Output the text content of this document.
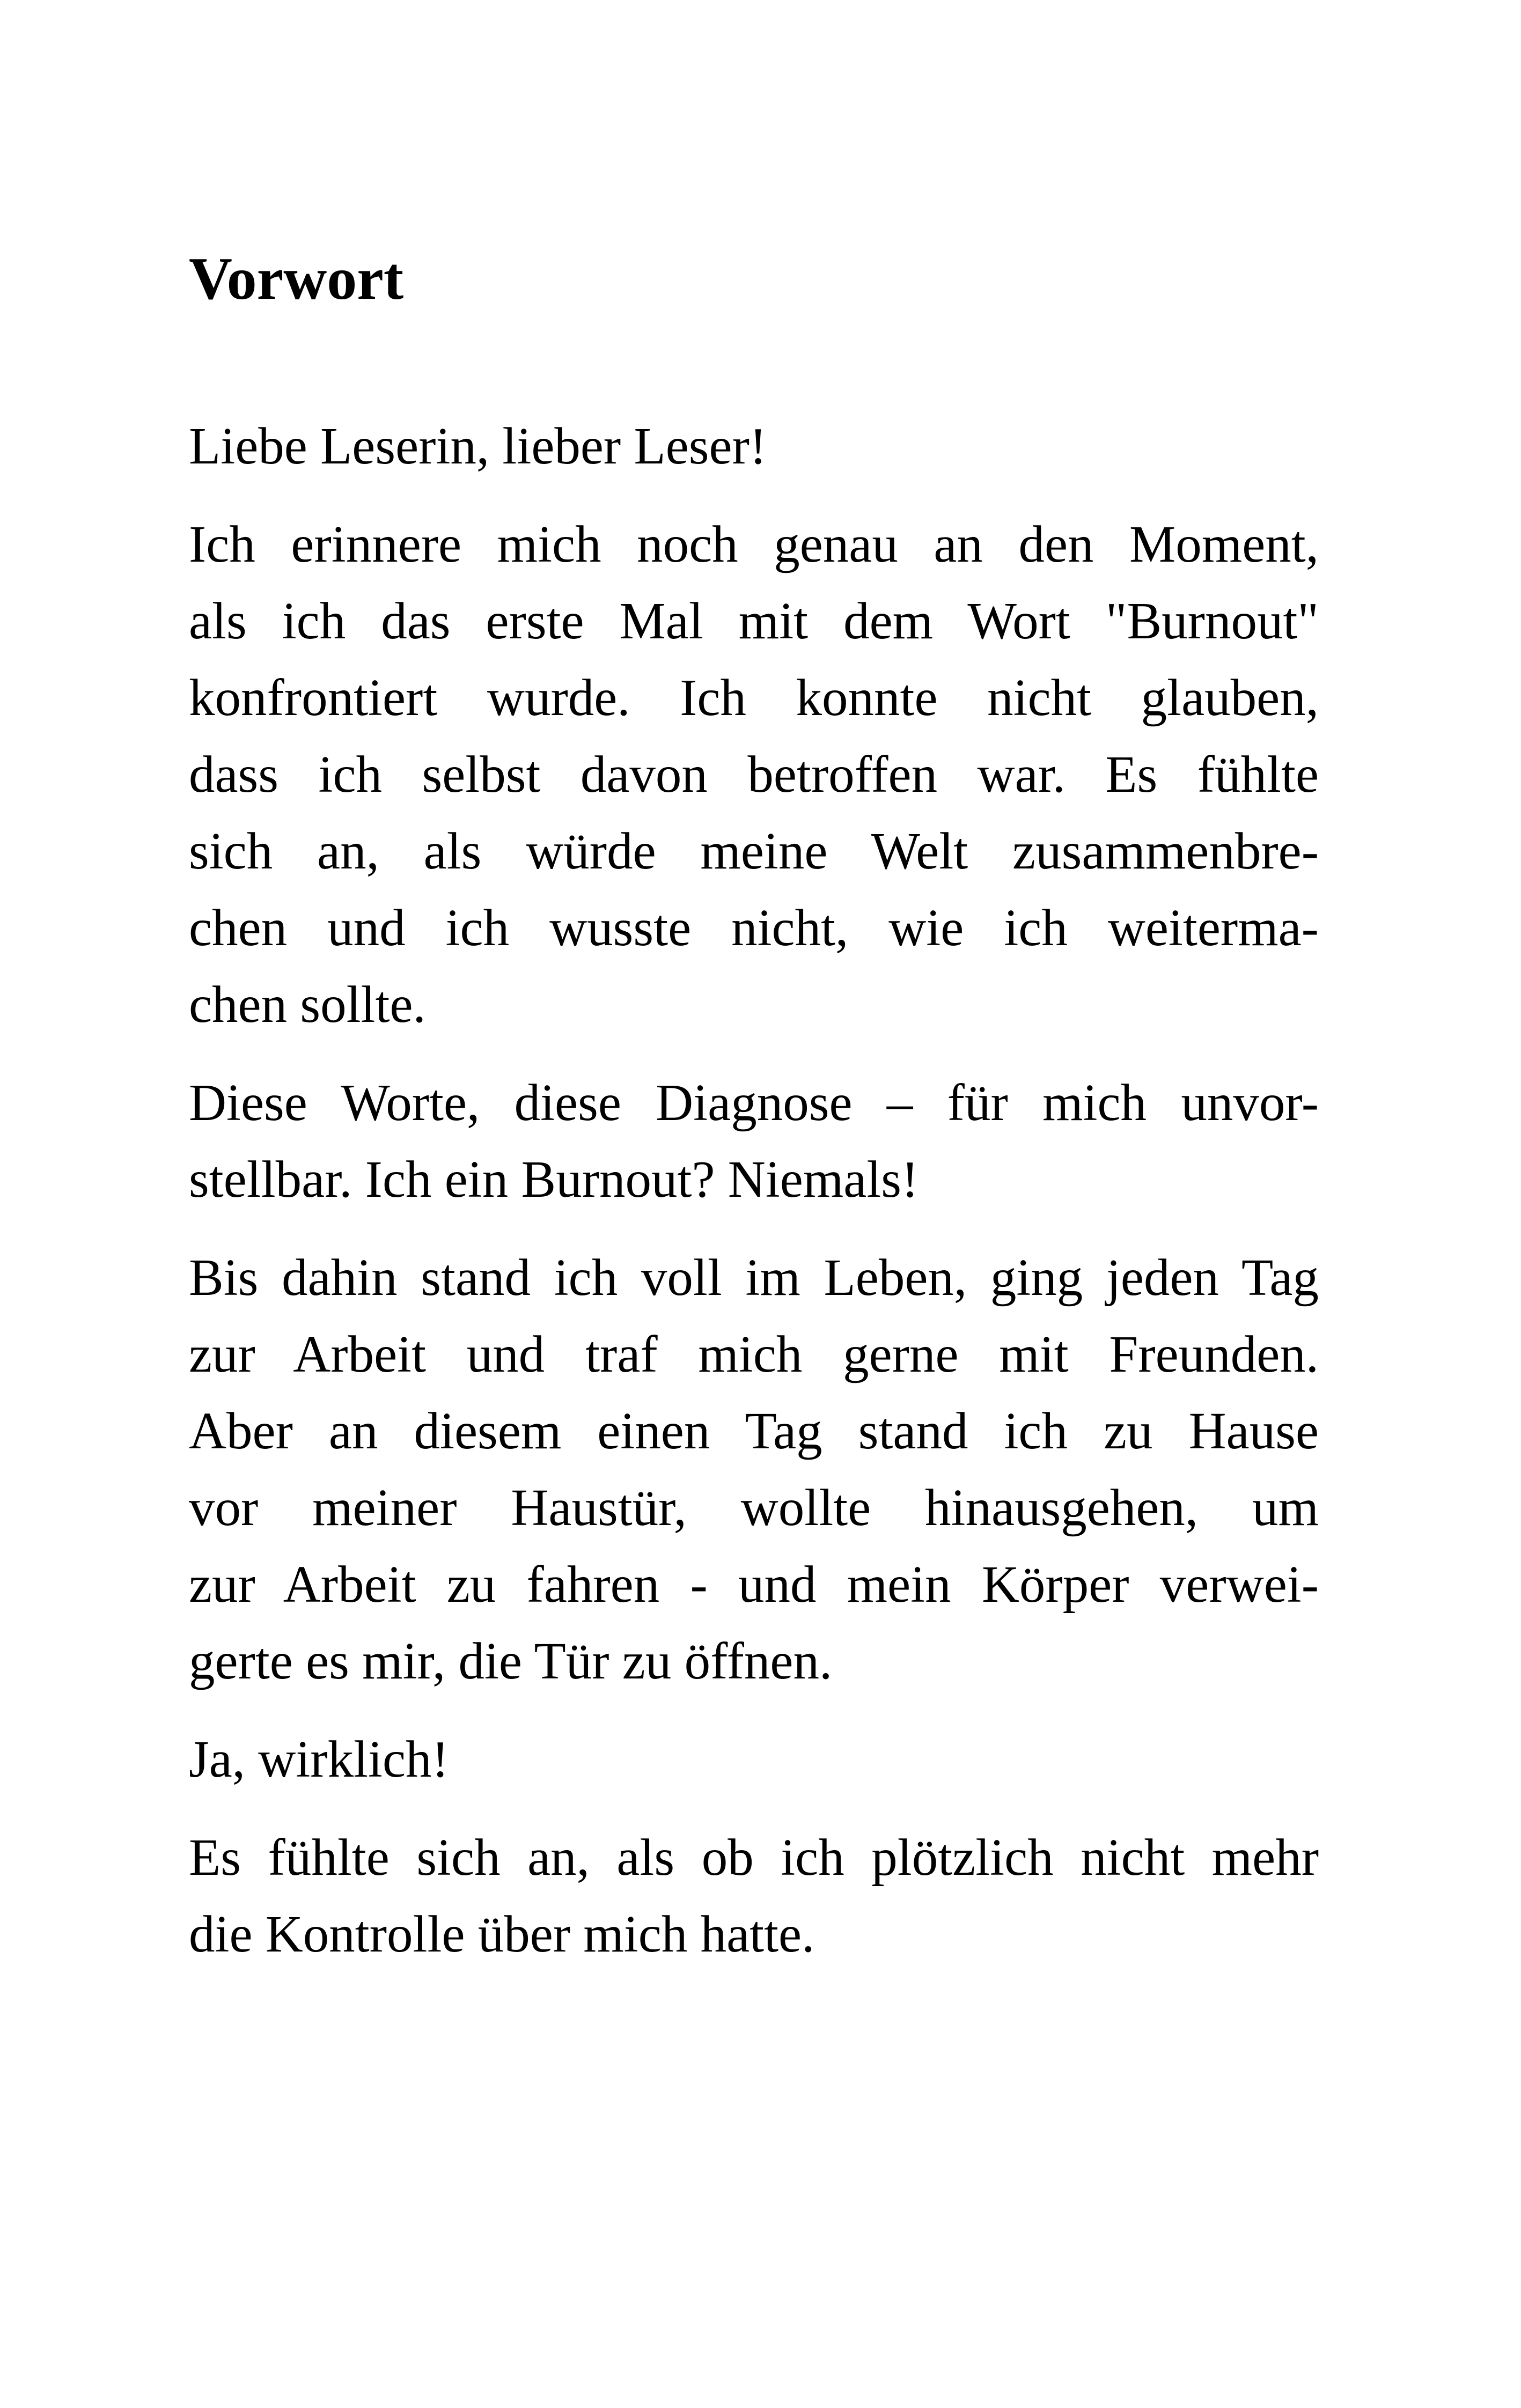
Vorwort
Liebe Leserin, lieber Leser!
Ich erinnere mich noch genau an den Moment,
als ich das erste Mal mit dem Wort "Burnout"
konfrontiert wurde. Ich konnte nicht glauben,
dass ich selbst davon betroffen war. Es fühlte
sich an, als würde meine Welt zusammenbre-
chen und ich wusste nicht, wie ich weiterma-
chen sollte.
Diese Worte, diese Diagnose – für mich unvor-
stellbar. Ich ein Burnout? Niemals!
Bis dahin stand ich voll im Leben, ging jeden Tag
zur Arbeit und traf mich gerne mit Freunden.
Aber an diesem einen Tag stand ich zu Hause
vor meiner Haustür, wollte hinausgehen, um
zur Arbeit zu fahren - und mein Körper verwei-
gerte es mir, die Tür zu öffnen.
Ja, wirklich!
Es fühlte sich an, als ob ich plötzlich nicht mehr
die Kontrolle über mich hatte.
